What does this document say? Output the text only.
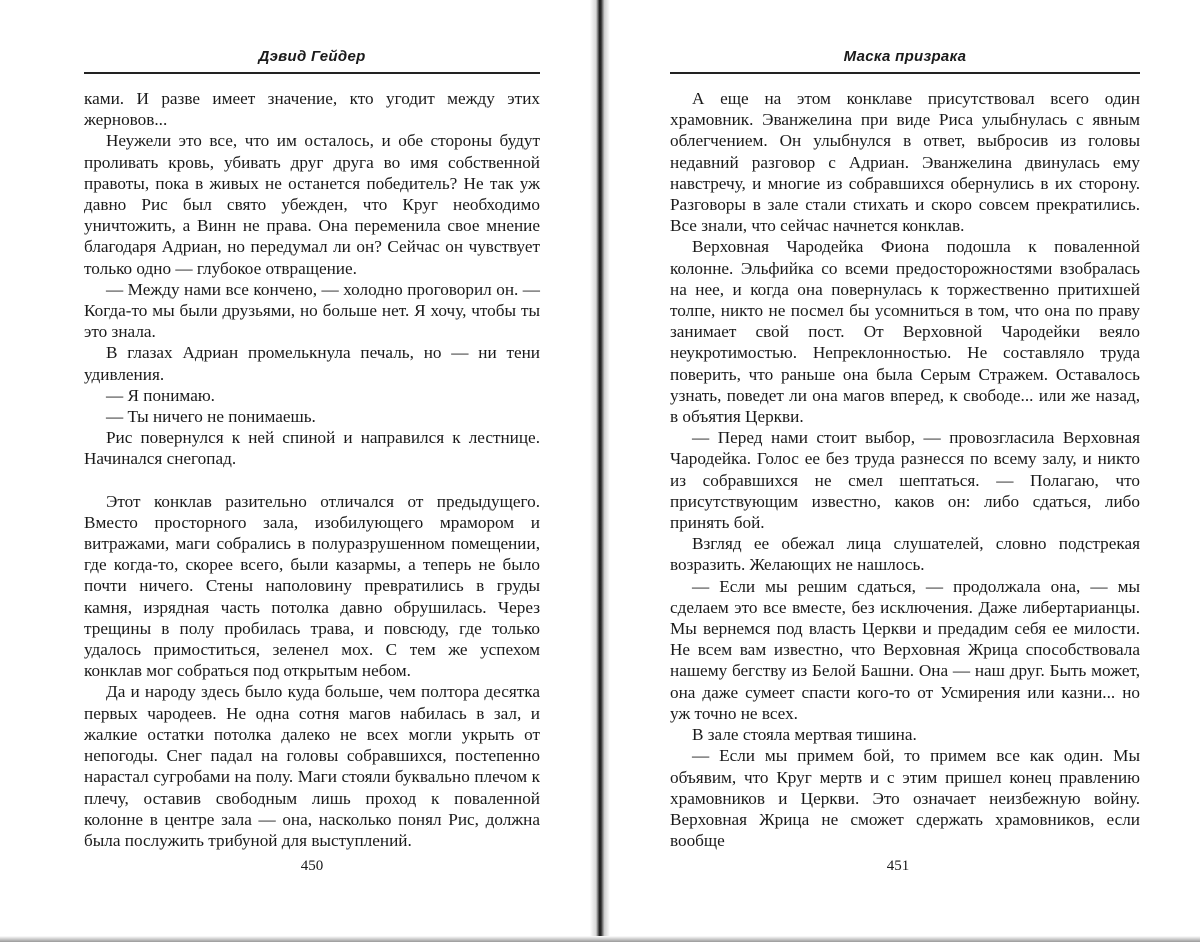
Дэвид Гейдер

ками. И разве имеет значение, кто угодит между этих жерновов...

Неужели это все, что им осталось, и обе стороны будут проливать кровь, убивать друг друга во имя собственной правоты, пока в живых не останется победитель? Не так уж давно Рис был свято убежден, что Круг необходимо уничтожить, а Винн не права. Она переменила свое мнение благодаря Адриан, но передумал ли он? Сейчас он чувствует только одно — глубокое отвращение.

— Между нами все кончено, — холодно проговорил он. — Когда-то мы были друзьями, но больше нет. Я хочу, чтобы ты это знала.

В глазах Адриан промелькнула печаль, но — ни тени удивления.

— Я понимаю.

— Ты ничего не понимаешь.

Рис повернулся к ней спиной и направился к лестнице. Начинался снегопад.

Этот конклав разительно отличался от предыдущего. Вместо просторного зала, изобилующего мрамором и витражами, маги собрались в полуразрушенном помещении, где когда-то, скорее всего, были казармы, а теперь не было почти ничего. Стены наполовину превратились в груды камня, изрядная часть потолка давно обрушилась. Через трещины в полу пробилась трава, и повсюду, где только удалось примоститься, зеленел мох. С тем же успехом конклав мог собраться под открытым небом.

Да и народу здесь было куда больше, чем полтора десятка первых чародеев. Не одна сотня магов набилась в зал, и жалкие остатки потолка далеко не всех могли укрыть от непогоды. Снег падал на головы собравшихся, постепенно нарастал сугробами на полу. Маги стояли буквально плечом к плечу, оставив свободным лишь проход к поваленной колонне в центре зала — она, насколько понял Рис, должна была послужить трибуной для выступлений.

450
Маска призрака

А еще на этом конклаве присутствовал всего один храмовник. Эванжелина при виде Риса улыбнулась с явным облегчением. Он улыбнулся в ответ, выбросив из головы недавний разговор с Адриан. Эванжелина двинулась ему навстречу, и многие из собравшихся обернулись в их сторону. Разговоры в зале стали стихать и скоро совсем прекратились. Все знали, что сейчас начнется конклав.

Верховная Чародейка Фиона подошла к поваленной колонне. Эльфийка со всеми предосторожностями взобралась на нее, и когда она повернулась к торжественно притихшей толпе, никто не посмел бы усомниться в том, что она по праву занимает свой пост. От Верховной Чародейки веяло неукротимостью. Непреклонностью. Не составляло труда поверить, что раньше она была Серым Стражем. Оставалось узнать, поведет ли она магов вперед, к свободе... или же назад, в объятия Церкви.

— Перед нами стоит выбор, — провозгласила Верховная Чародейка. Голос ее без труда разнесся по всему залу, и никто из собравшихся не смел шептаться. — Полагаю, что присутствующим известно, каков он: либо сдаться, либо принять бой.

Взгляд ее обежал лица слушателей, словно подстрекая возразить. Желающих не нашлось.

— Если мы решим сдаться, — продолжала она, — мы сделаем это все вместе, без исключения. Даже либертарианцы. Мы вернемся под власть Церкви и предадим себя ее милости. Не всем вам известно, что Верховная Жрица способствовала нашему бегству из Белой Башни. Она — наш друг. Быть может, она даже сумеет спасти кого-то от Усмирения или казни... но уж точно не всех.

В зале стояла мертвая тишина.

— Если мы примем бой, то примем все как один. Мы объявим, что Круг мертв и с этим пришел конец правлению храмовников и Церкви. Это означает неизбежную войну. Верховная Жрица не сможет сдержать храмовников, если вообще

451
